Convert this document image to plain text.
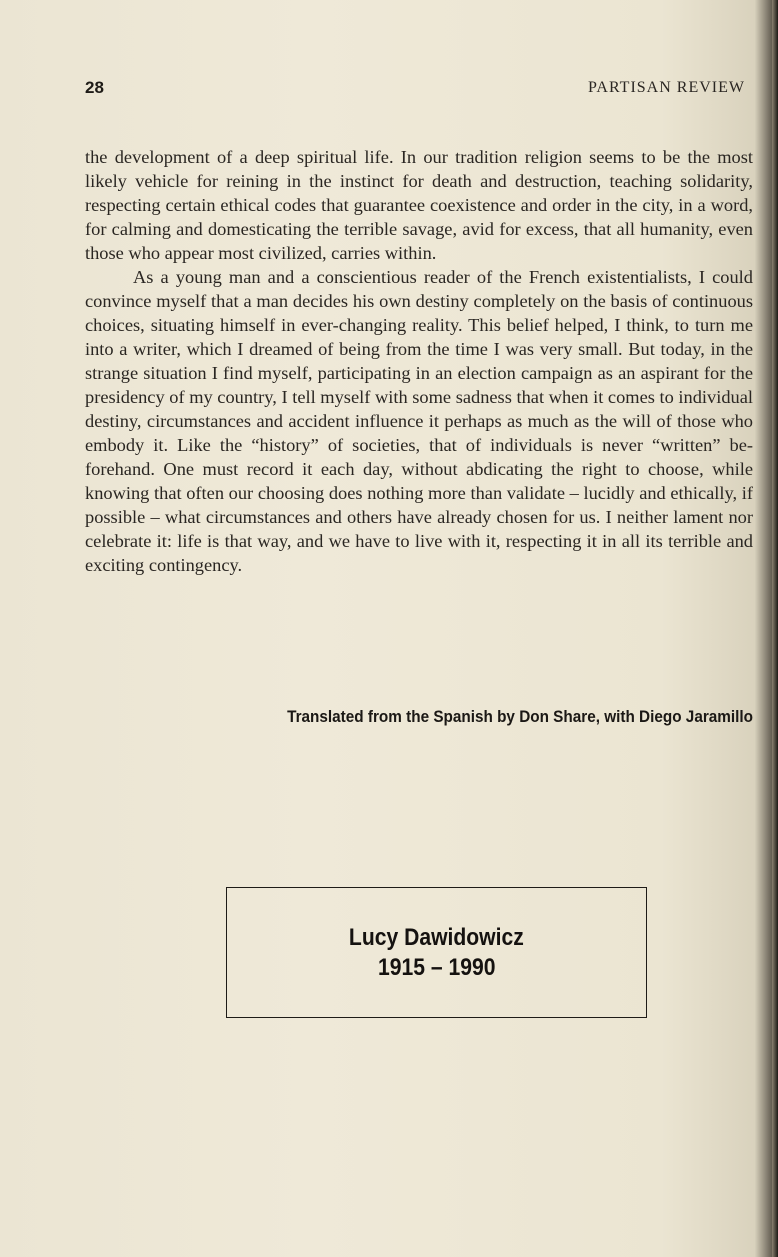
28	PARTISAN REVIEW

the development of a deep spiritual life. In our tradition religion seems to be the most likely vehicle for reining in the instinct for death and destruction, teaching solidarity, respecting certain ethical codes that guarantee coexistence and order in the city, in a word, for calming and domesticating the terrible savage, avid for excess, that all humanity, even those who appear most civilized, carries within.

As a young man and a conscientious reader of the French existentialists, I could convince myself that a man decides his own destiny completely on the basis of continuous choices, situating himself in ever-changing reality. This belief helped, I think, to turn me into a writer, which I dreamed of being from the time I was very small. But today, in the strange situation I find myself, participating in an election campaign as an aspirant for the presidency of my country, I tell myself with some sadness that when it comes to individual destiny, circumstances and accident influence it perhaps as much as the will of those who embody it. Like the “history” of societies, that of individuals is never “written” beforehand. One must record it each day, without abdicating the right to choose, while knowing that often our choosing does nothing more than validate – lucidly and ethically, if possible – what circumstances and others have already chosen for us. I neither lament nor celebrate it: life is that way, and we have to live with it, respecting it in all its terrible and exciting contingency.

Translated from the Spanish by Don Share, with Diego Jaramillo
Lucy Dawidowicz
1915 – 1990
